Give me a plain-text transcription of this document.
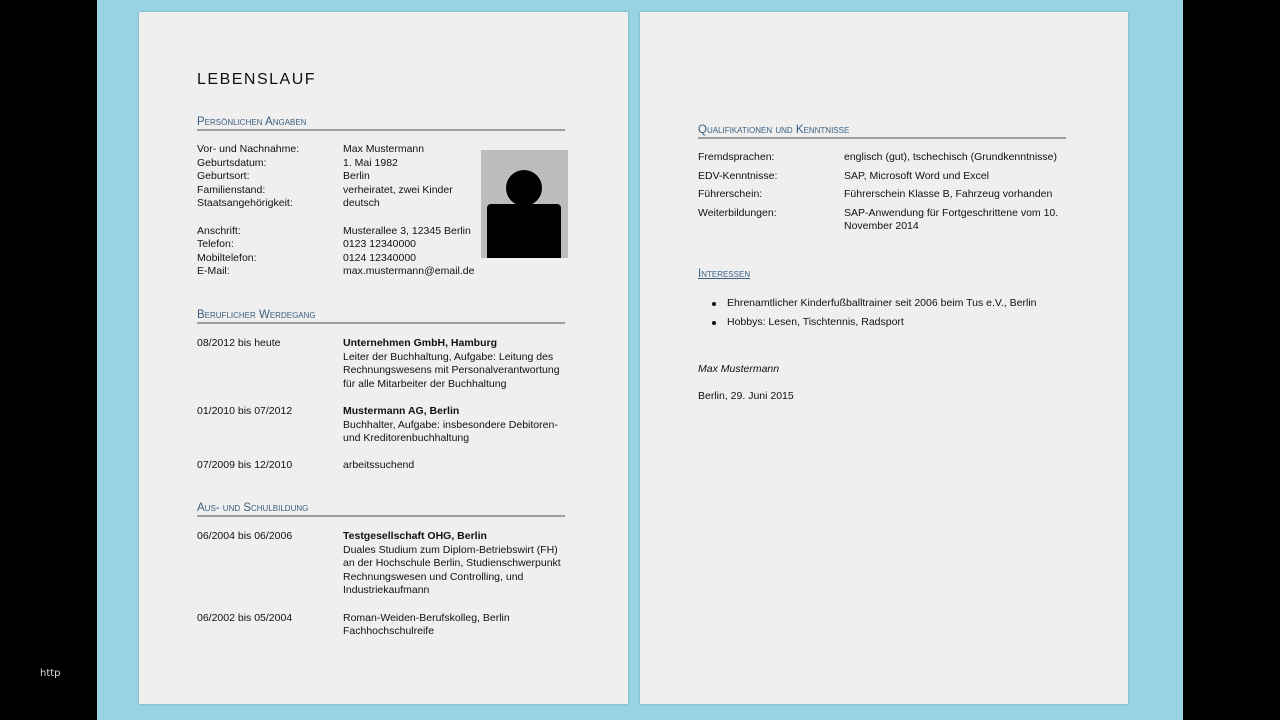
http
LEBENSLAUF
Persönlichen Angaben
Vor- und Nachnahme:	Max Mustermann
Geburtsdatum:	1. Mai 1982
Geburtsort:	Berlin
Familienstand:	verheiratet, zwei Kinder
Staatsangehörigkeit:	deutsch
Anschrift:	Musterallee 3, 12345 Berlin
Telefon:	0123 12340000
Mobiltelefon:	0124 12340000
E-Mail:	max.mustermann@email.de
Beruflicher Werdegang
08/2012 bis heute	Unternehmen GmbH, Hamburg
Leiter der Buchhaltung, Aufgabe: Leitung des Rechnungswesens mit Personalverantwortung für alle Mitarbeiter der Buchhaltung
01/2010 bis 07/2012	Mustermann AG, Berlin
Buchhalter, Aufgabe: insbesondere Debitoren- und Kreditorenbuchhaltung
07/2009 bis 12/2010	arbeitssuchend
Aus- und Schulbildung
06/2004 bis 06/2006	Testgesellschaft OHG, Berlin
Duales Studium zum Diplom-Betriebswirt (FH) an der Hochschule Berlin, Studienschwerpunkt Rechnungswesen und Controlling, und Industriekaufmann
06/2002 bis 05/2004	Roman-Weiden-Berufskolleg, Berlin Fachhochschulreife
Qualifikationen und Kenntnisse
Fremdsprachen:	englisch (gut), tschechisch (Grundkenntnisse)
EDV-Kenntnisse:	SAP, Microsoft Word und Excel
Führerschein:	Führerschein Klasse B, Fahrzeug vorhanden
Weiterbildungen:	SAP-Anwendung für Fortgeschrittene vom 10. November 2014
Interessen
Ehrenamtlicher Kinderfußballtrainer seit 2006 beim Tus e.V., Berlin
Hobbys: Lesen, Tischtennis, Radsport
Max Mustermann
Berlin, 29. Juni 2015
